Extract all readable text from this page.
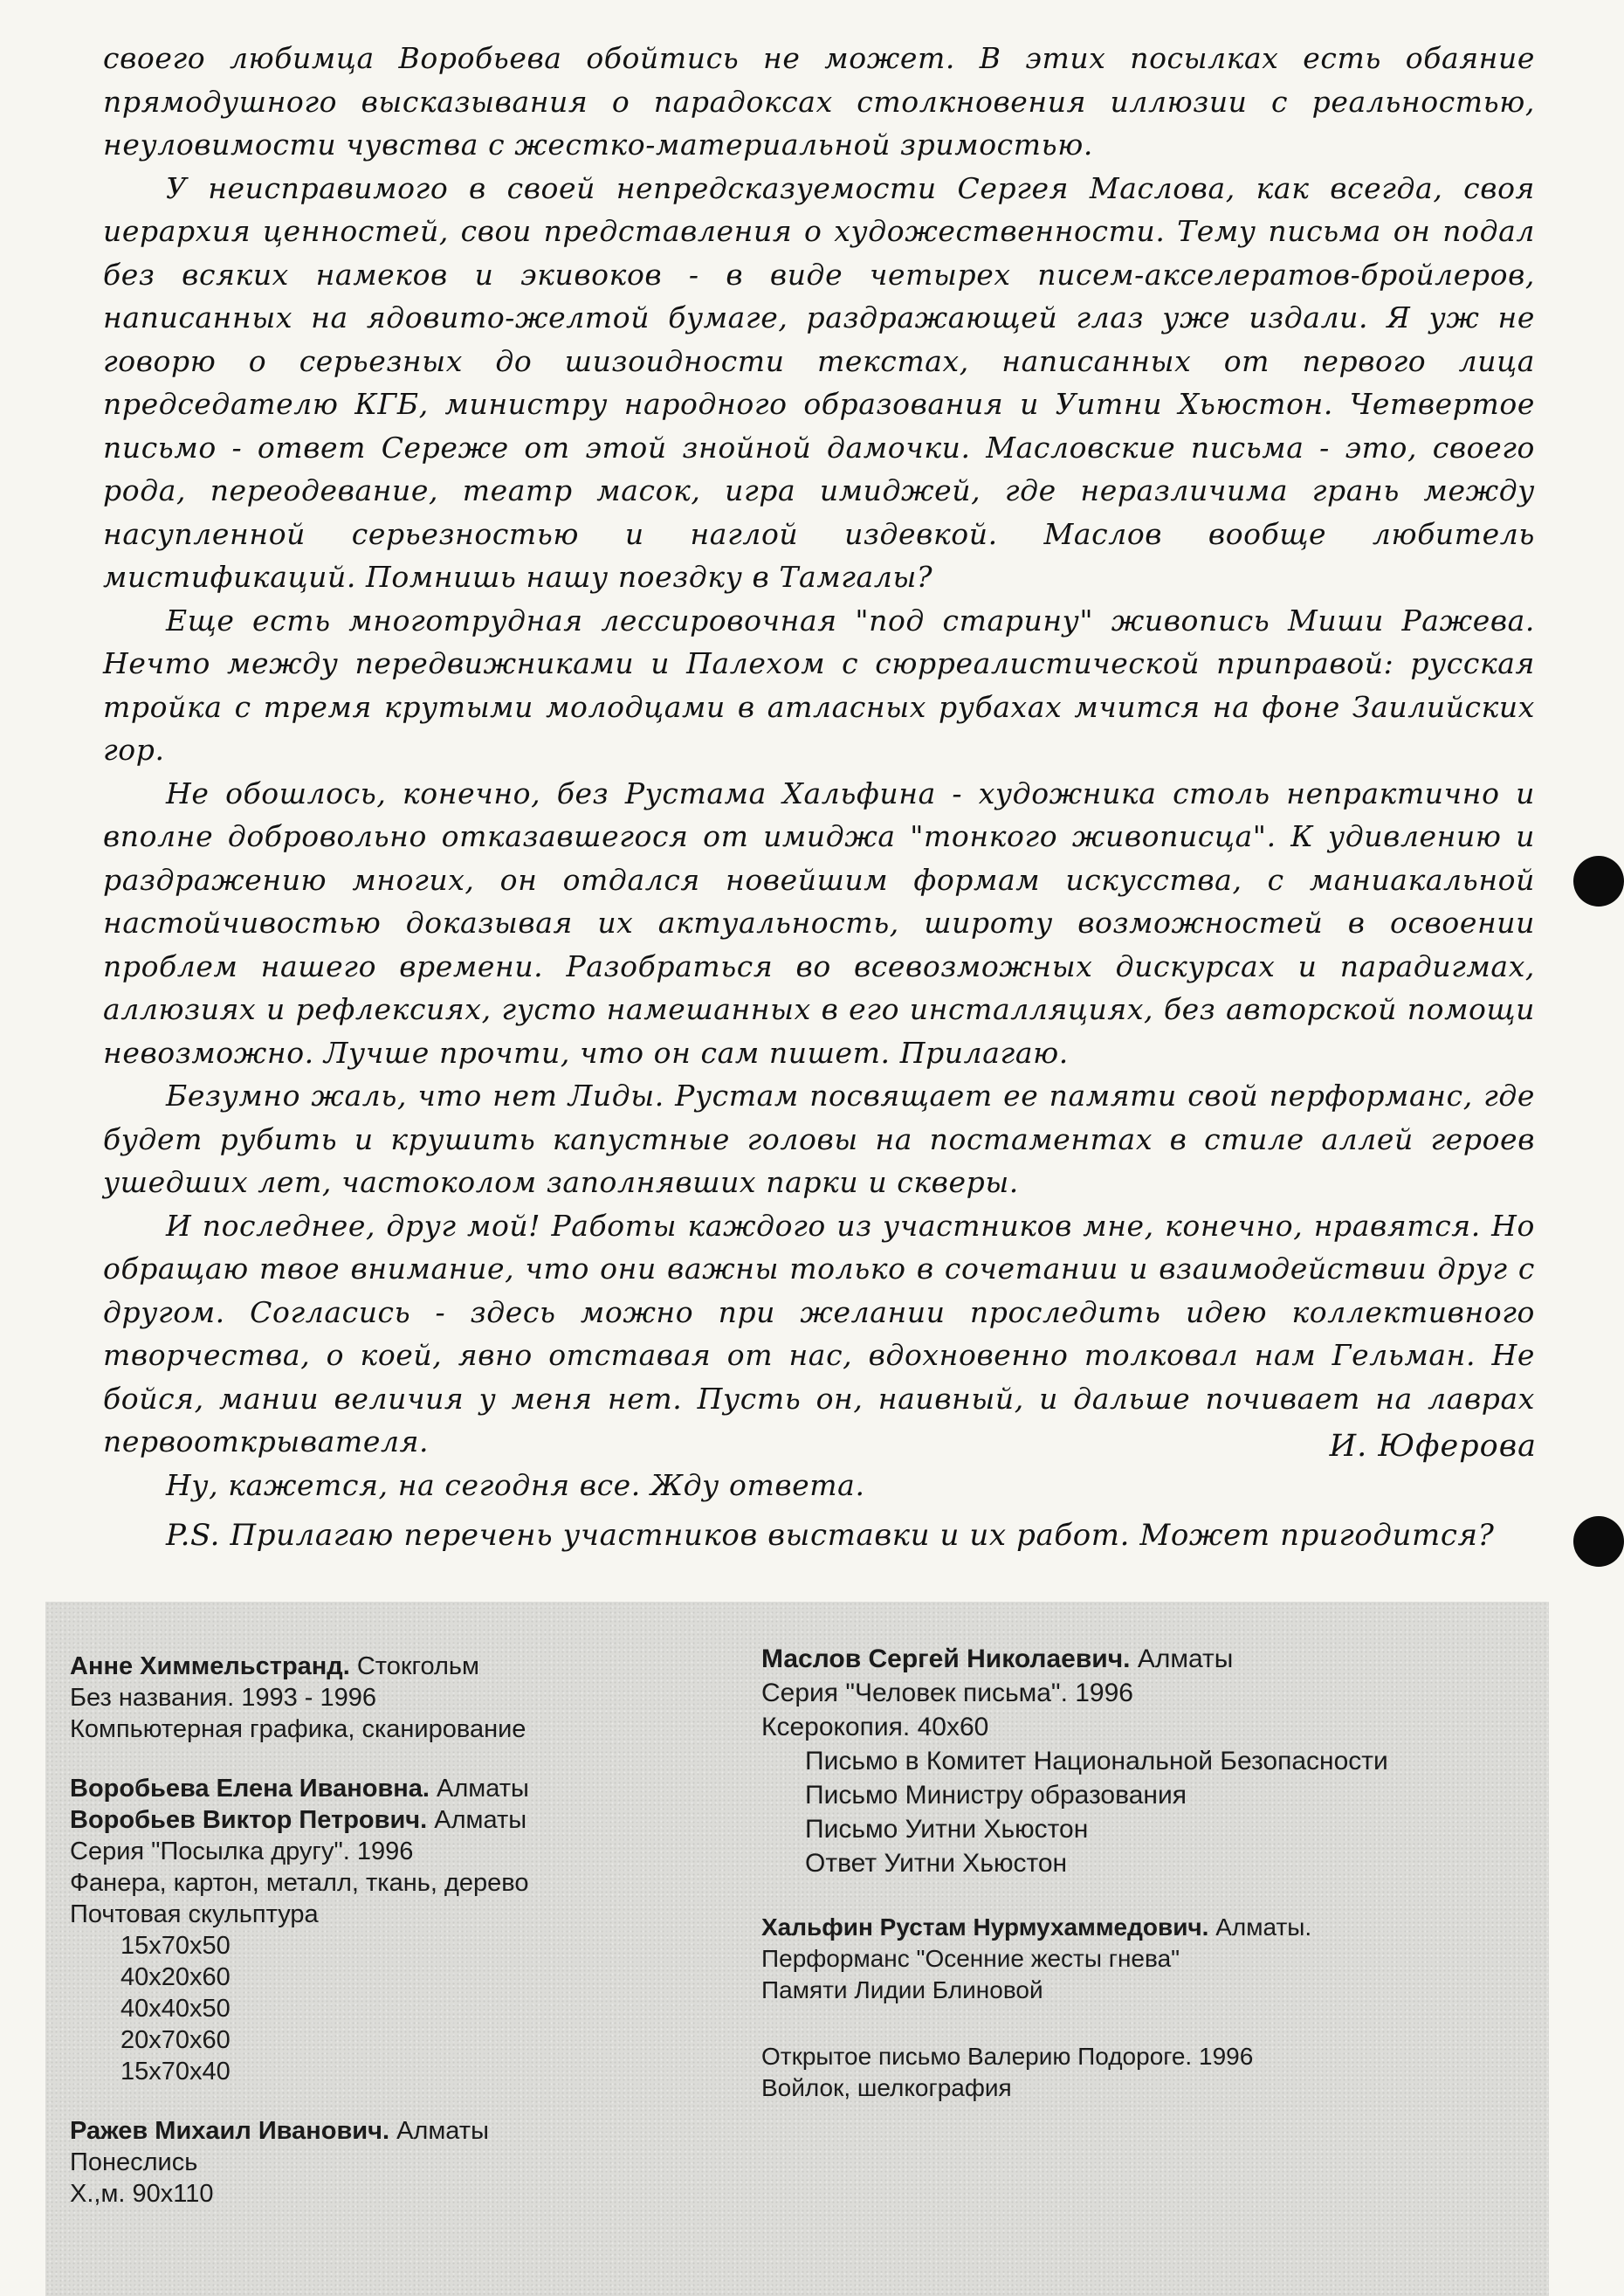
своего любимца Воробьева обойтись не может. В этих посылках есть обаяние прямодушного высказывания о парадоксах столкновения иллюзии с реальностью, неуловимости чувства с жестко-материальной зримостью.

У неисправимого в своей непредсказуемости Сергея Маслова, как всегда, своя иерархия ценностей, свои представления о художественности. Тему письма он подал без всяких намеков и экивоков - в виде четырех писем-акселератов-бройлеров, написанных на ядовито-желтой бумаге, раздражающей глаз уже издали. Я уж не говорю о серьезных до шизоидности текстах, написанных от первого лица председателю КГБ, министру народного образования и Уитни Хьюстон. Четвертое письмо - ответ Сереже от этой знойной дамочки. Масловские письма - это, своего рода, переодевание, театр масок, игра имиджей, где неразличима грань между насупленной серьезностью и наглой издевкой. Маслов вообще любитель мистификаций. Помнишь нашу поездку в Тамгалы?

Еще есть многотрудная лессировочная "под старину" живопись Миши Ражева. Нечто между передвижниками и Палехом с сюрреалистической приправой: русская тройка с тремя крутыми молодцами в атласных рубахах мчится на фоне Заилийских гор.

Не обошлось, конечно, без Рустама Хальфина - художника столь непрактично и вполне добровольно отказавшегося от имиджа "тонкого живописца". К удивлению и раздражению многих, он отдался новейшим формам искусства, с маниакальной настойчивостью доказывая их актуальность, широту возможностей в освоении проблем нашего времени. Разобраться во всевозможных дискурсах и парадигмах, аллюзиях и рефлексиях, густо намешанных в его инсталляциях, без авторской помощи невозможно. Лучше прочти, что он сам пишет. Прилагаю.

Безумно жаль, что нет Лиды. Рустам посвящает ее памяти свой перформанс, где будет рубить и крушить капустные головы на постаментах в стиле аллей героев ушедших лет, частоколом заполнявших парки и скверы.

И последнее, друг мой! Работы каждого из участников мне, конечно, нравятся. Но обращаю твое внимание, что они важны только в сочетании и взаимодействии друг с другом. Согласись - здесь можно при желании проследить идею коллективного творчества, о коей, явно отставая от нас, вдохновенно толковал нам Гельман. Не бойся, мании величия у меня нет. Пусть он, наивный, и дальше почивает на лаврах первооткрывателя.

Ну, кажется, на сегодня все. Жду ответа.

И. Юферова
P.S. Прилагаю перечень участников выставки и их работ. Может пригодится?
Анне Химмельстранд. Стокгольм
Без названия. 1993 - 1996
Компьютерная графика, сканирование
Воробьева Елена Ивановна. Алматы
Воробьев Виктор Петрович. Алматы
Серия "Посылка другу". 1996
Фанера, картон, металл, ткань, дерево
Почтовая скульптура
15x70x50
40x20x60
40x40x50
20x70x60
15x70x40
Ражев Михаил Иванович. Алматы
Понеслись
Х.,м. 90x110
Маслов Сергей Николаевич. Алматы
Серия "Человек письма". 1996
Ксерокопия. 40x60
Письмо в Комитет Национальной Безопасности
Письмо Министру образования
Письмо Уитни Хьюстон
Ответ Уитни Хьюстон
Хальфин Рустам Нурмухаммедович. Алматы.
Перформанс "Осенние жесты гнева"
Памяти Лидии Блиновой
Открытое письмо Валерию Подороге. 1996
Войлок, шелкография
